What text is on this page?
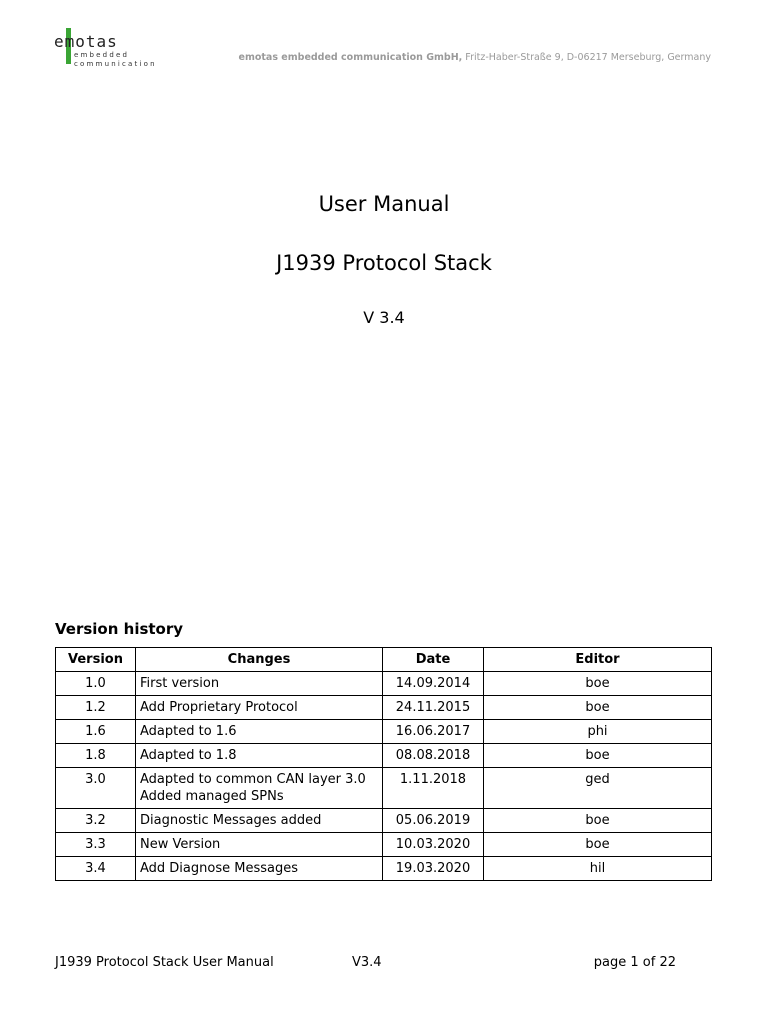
emotas
embedded
communication
emotas embedded communication GmbH, Fritz-Haber-Straße 9, D-06217 Merseburg, Germany
User Manual
J1939 Protocol Stack
V 3.4
Version history
Version	Changes	Date	Editor
1.0	First version	14.09.2014	boe
1.2	Add Proprietary Protocol	24.11.2015	boe
1.6	Adapted to 1.6	16.06.2017	phi
1.8	Adapted to 1.8	08.08.2018	boe
3.0	Adapted to common CAN layer 3.0
Added managed SPNs	1.11.2018	ged
3.2	Diagnostic Messages added	05.06.2019	boe
3.3	New Version	10.03.2020	boe
3.4	Add Diagnose Messages	19.03.2020	hil
J1939 Protocol Stack User Manual	V3.4	page 1 of 22
